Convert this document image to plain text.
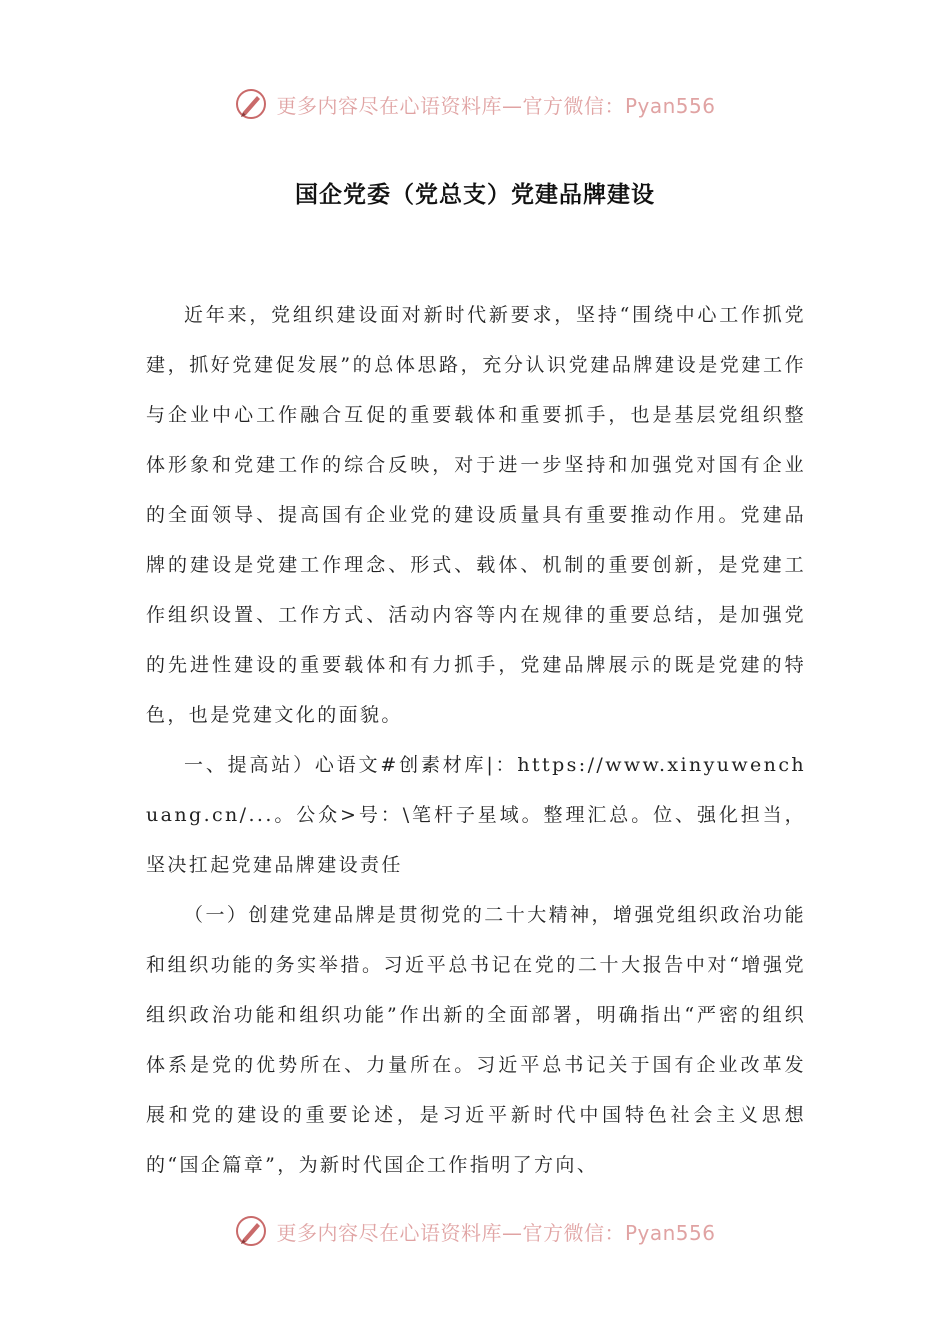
更多内容尽在心语资料库—官方微信：Pyan556
国企党委（党总支）党建品牌建设

近年来，党组织建设面对新时代新要求，坚持“围绕中心工作抓党建，抓好党建促发展”的总体思路，充分认识党建品牌建设是党建工作与企业中心工作融合互促的重要载体和重要抓手，也是基层党组织整体形象和党建工作的综合反映，对于进一步坚持和加强党对国有企业的全面领导、提高国有企业党的建设质量具有重要推动作用。党建品牌的建设是党建工作理念、形式、载体、机制的重要创新，是党建工作组织设置、工作方式、活动内容等内在规律的重要总结，是加强党的先进性建设的重要载体和有力抓手，党建品牌展示的既是党建的特色，也是党建文化的面貌。

一、提高站）心语文#创素材库|：https://www.xinyuwenchuang.cn/...。公众>号：\笔杆子星域。整理汇总。位、强化担当，坚决扛起党建品牌建设责任

（一）创建党建品牌是贯彻党的二十大精神，增强党组织政治功能和组织功能的务实举措。习近平总书记在党的二十大报告中对“增强党组织政治功能和组织功能”作出新的全面部署，明确指出“严密的组织体系是党的优势所在、力量所在。习近平总书记关于国有企业改革发展和党的建设的重要论述，是习近平新时代中国特色社会主义思想的“国企篇章”，为新时代国企工作指明了方向、

更多内容尽在心语资料库—官方微信：Pyan556
